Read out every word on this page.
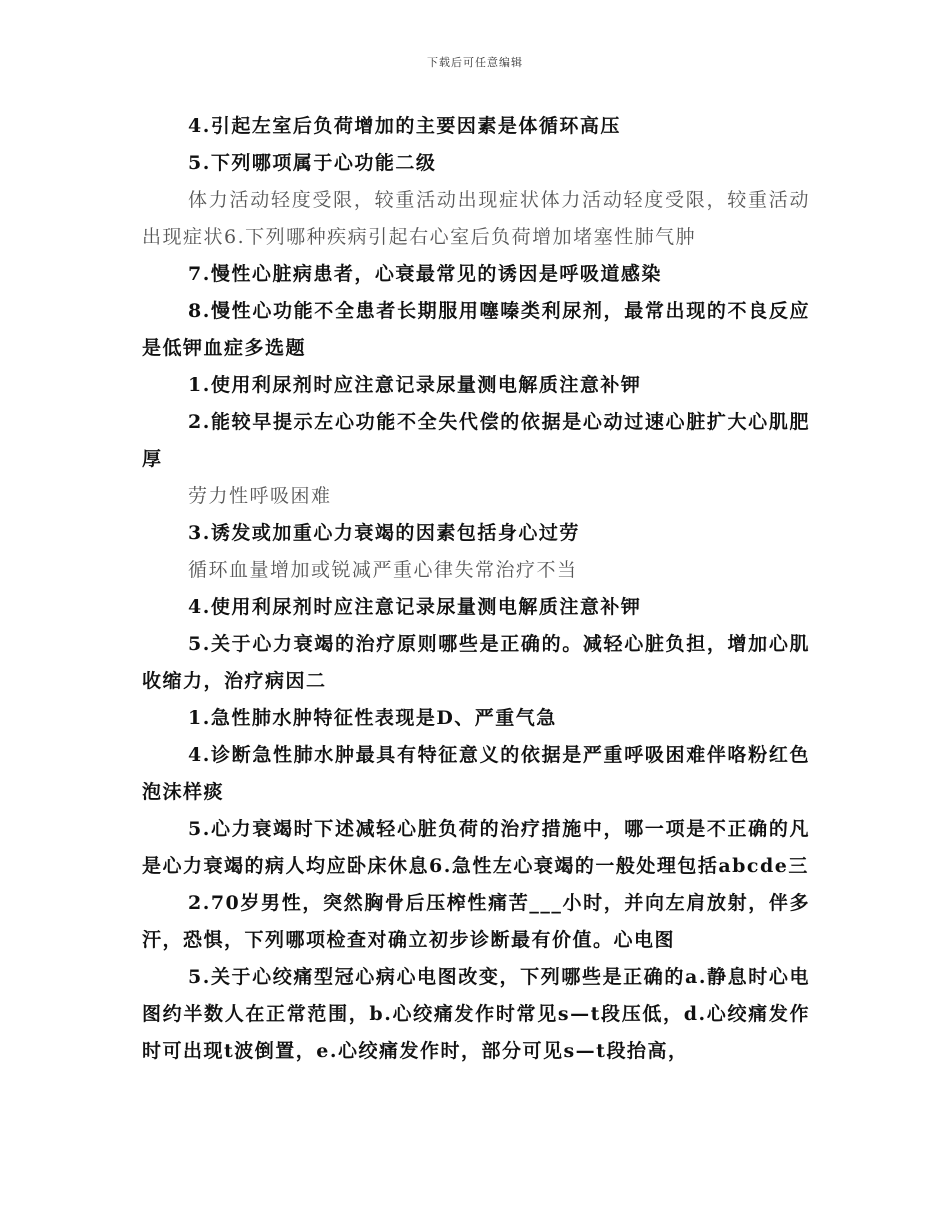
下载后可任意编辑

4.引起左室后负荷增加的主要因素是体循环高压

5.下列哪项属于心功能二级

体力活动轻度受限，较重活动出现症状体力活动轻度受限，较重活动出现症状6.下列哪种疾病引起右心室后负荷增加堵塞性肺气肿

7.慢性心脏病患者，心衰最常见的诱因是呼吸道感染

8.慢性心功能不全患者长期服用噻嗪类利尿剂，最常出现的不良反应是低钾血症多选题

1.使用利尿剂时应注意记录尿量测电解质注意补钾

2.能较早提示左心功能不全失代偿的依据是心动过速心脏扩大心肌肥厚

劳力性呼吸困难

3.诱发或加重心力衰竭的因素包括身心过劳

循环血量增加或锐减严重心律失常治疗不当

4.使用利尿剂时应注意记录尿量测电解质注意补钾

5.关于心力衰竭的治疗原则哪些是正确的。减轻心脏负担，增加心肌收缩力，治疗病因二

1.急性肺水肿特征性表现是D、严重气急

4.诊断急性肺水肿最具有特征意义的依据是严重呼吸困难伴咯粉红色泡沫样痰

5.心力衰竭时下述减轻心脏负荷的治疗措施中，哪一项是不正确的凡是心力衰竭的病人均应卧床休息6.急性左心衰竭的一般处理包括abcde三

2.70岁男性，突然胸骨后压榨性痛苦___小时，并向左肩放射，伴多汗，恐惧，下列哪项检查对确立初步诊断最有价值。心电图

5.关于心绞痛型冠心病心电图改变，下列哪些是正确的a.静息时心电图约半数人在正常范围，b.心绞痛发作时常见s—t段压低，d.心绞痛发作时可出现t波倒置，e.心绞痛发作时，部分可见s—t段抬高，
